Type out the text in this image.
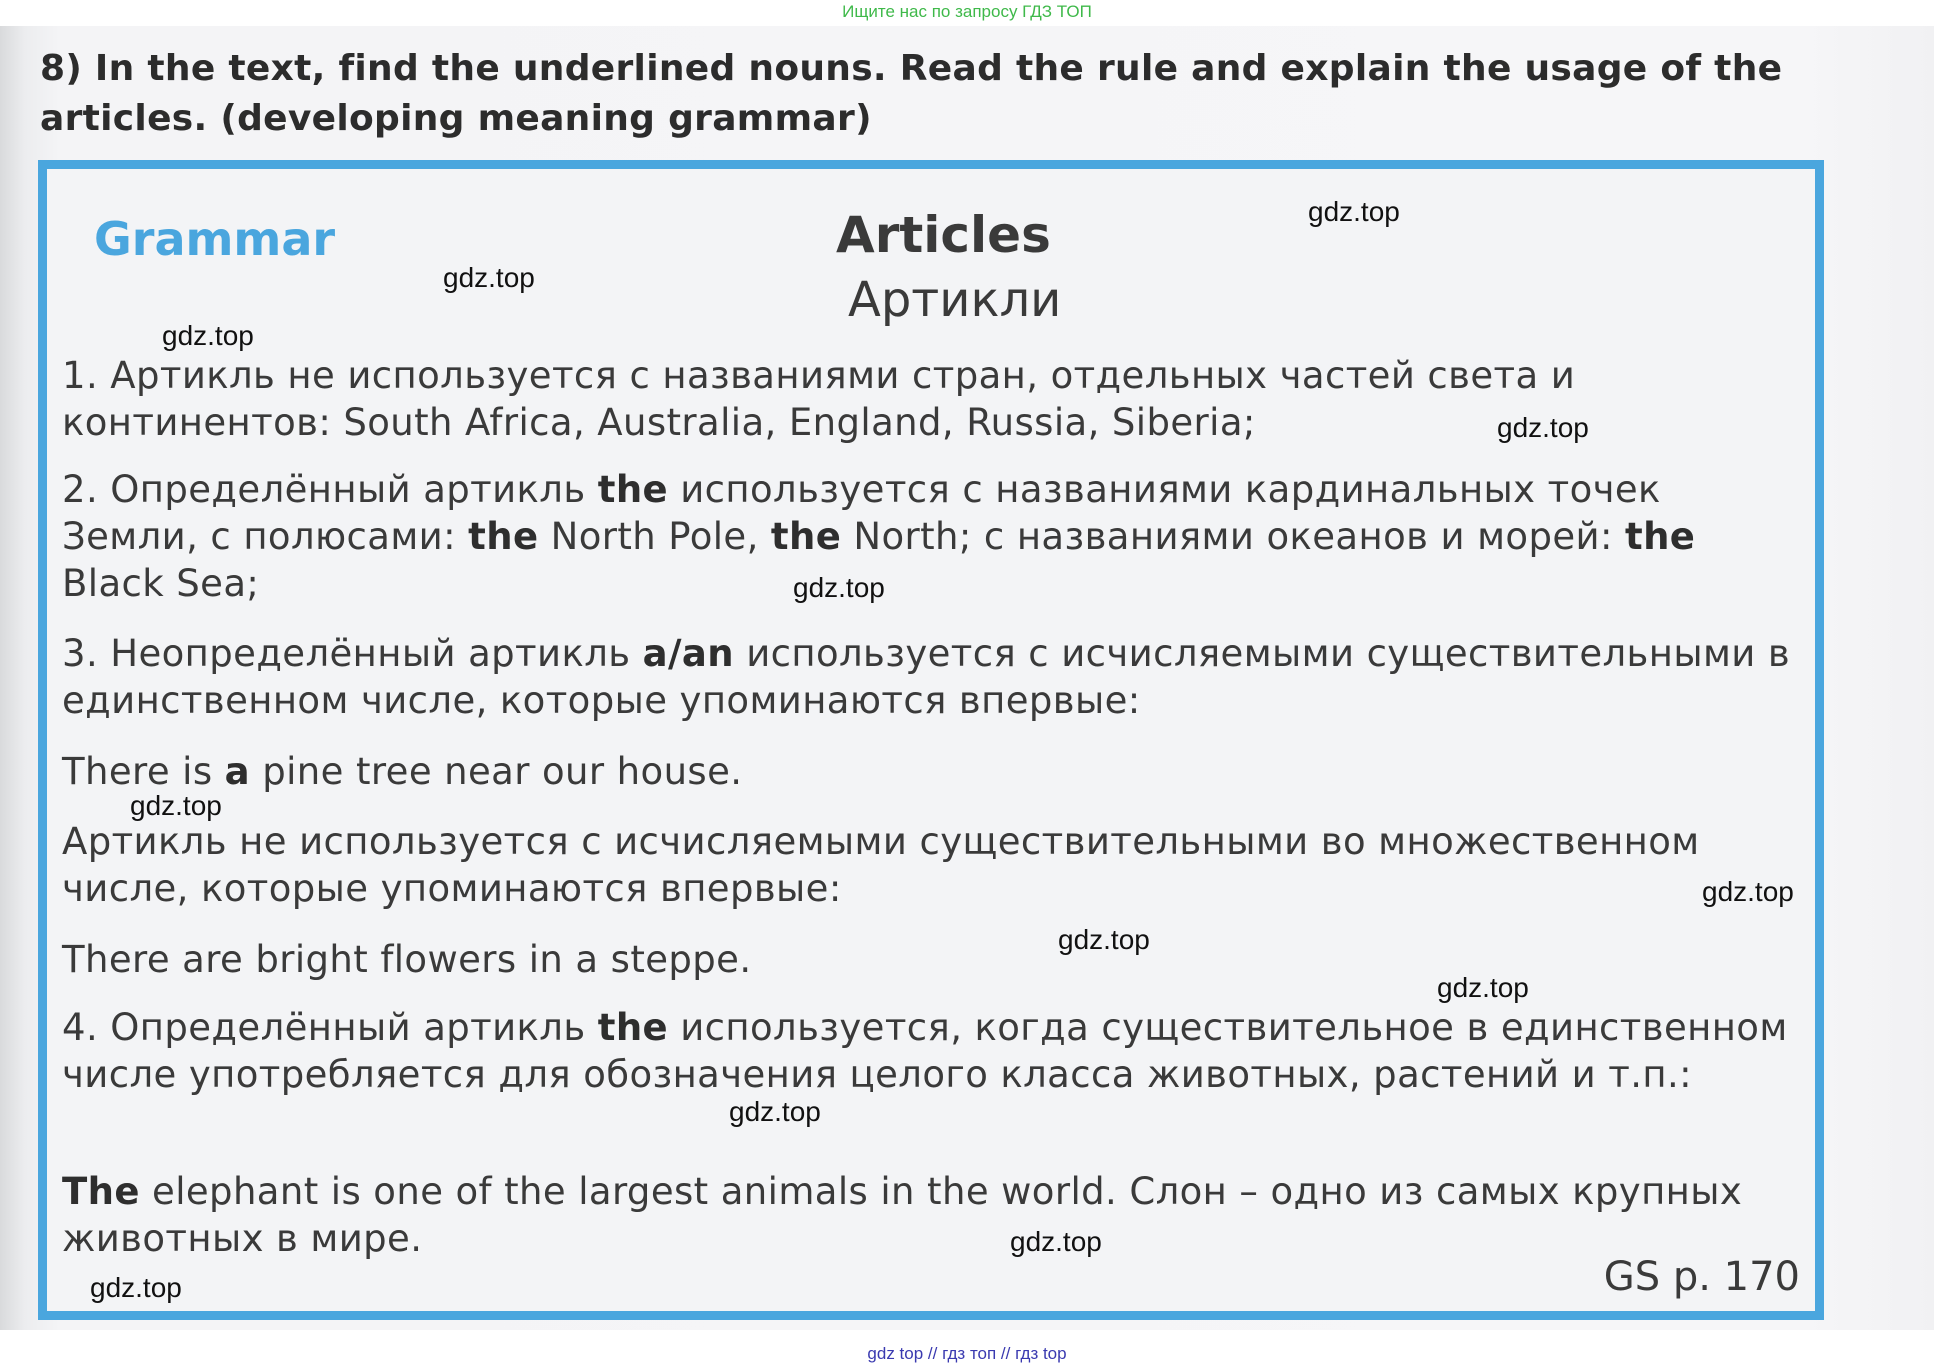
Ищите нас по запросу ГДЗ ТОП
8) In the text, find the underlined nouns. Read the rule and explain the usage of the articles. (developing meaning grammar)
Grammar	Articles
Артикли
1. Артикль не используется с названиями стран, отдельных частей света и континентов: South Africa, Australia, England, Russia, Siberia;
2. Определённый артикль the используется с названиями кардинальных точек Земли, с полюсами: the North Pole, the North; с названиями океанов и морей: the Black Sea;
3. Неопределённый артикль a/an используется с исчисляемыми существительными в единственном числе, которые упоминаются впервые:
There is a pine tree near our house.
Артикль не используется с исчисляемыми существительными во множественном числе, которые упоминаются впервые:
There are bright flowers in a steppe.
4. Определённый артикль the используется, когда существительное в единственном числе употребляется для обозначения целого класса животных, растений и т.п.:
The elephant is one of the largest animals in the world. Слон – одно из самых крупных животных в мире.
GS p. 170
gdz.top
gdz.top
gdz.top
gdz.top
gdz.top
gdz.top
gdz.top
gdz.top
gdz.top
gdz.top
gdz.top
gdz.top
gdz top // гдз топ // гдз top
